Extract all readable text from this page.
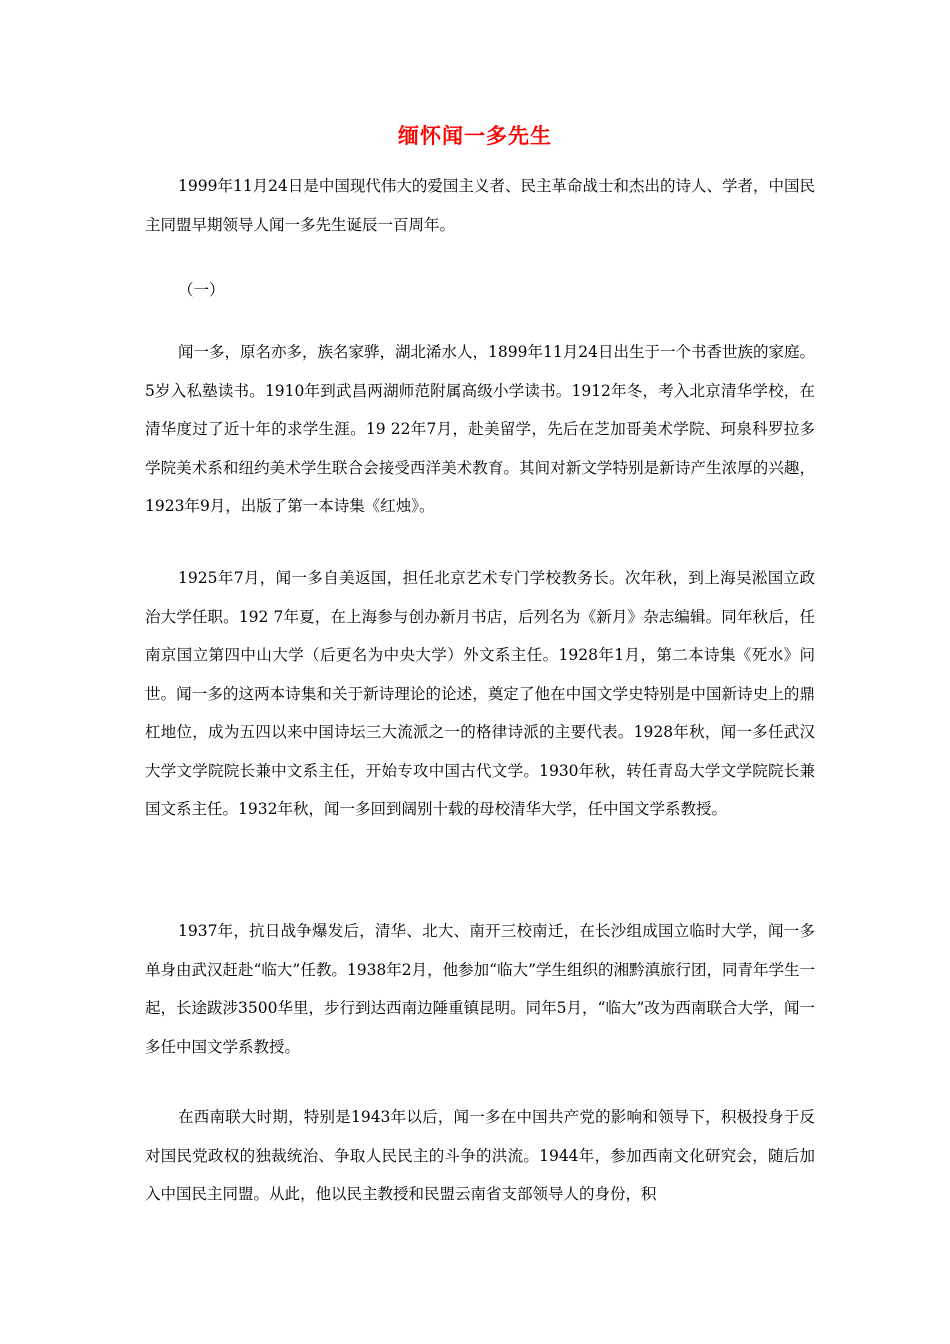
缅怀闻一多先生

1999年11月24日是中国现代伟大的爱国主义者、民主革命战士和杰出的诗人、学者，中国民主同盟早期领导人闻一多先生诞辰一百周年。

（一）

闻一多，原名亦多，族名家骅，湖北浠水人，1899年11月24日出生于一个书香世族的家庭。5岁入私塾读书。1910年到武昌两湖师范附属高级小学读书。1912年冬，考入北京清华学校，在清华度过了近十年的求学生涯。19 22年7月，赴美留学，先后在芝加哥美术学院、珂泉科罗拉多学院美术系和纽约美术学生联合会接受西洋美术教育。其间对新文学特别是新诗产生浓厚的兴趣，1923年9月，出版了第一本诗集《红烛》。

1925年7月，闻一多自美返国，担任北京艺术专门学校教务长。次年秋，到上海吴淞国立政治大学任职。192 7年夏，在上海参与创办新月书店，后列名为《新月》杂志编辑。同年秋后，任南京国立第四中山大学（后更名为中央大学）外文系主任。1928年1月，第二本诗集《死水》问世。闻一多的这两本诗集和关于新诗理论的论述，奠定了他在中国文学史特别是中国新诗史上的鼎杠地位，成为五四以来中国诗坛三大流派之一的格律诗派的主要代表。1928年秋，闻一多任武汉大学文学院院长兼中文系主任，开始专攻中国古代文学。1930年秋，转任青岛大学文学院院长兼国文系主任。1932年秋，闻一多回到阔别十载的母校清华大学，任中国文学系教授。

1937年，抗日战争爆发后，清华、北大、南开三校南迁，在长沙组成国立临时大学，闻一多单身由武汉赶赴“临大”任教。1938年2月，他参加“临大”学生组织的湘黔滇旅行团，同青年学生一起，长途跋涉3500华里，步行到达西南边陲重镇昆明。同年5月，“临大”改为西南联合大学，闻一多任中国文学系教授。

在西南联大时期，特别是1943年以后，闻一多在中国共产党的影响和领导下，积极投身于反对国民党政权的独裁统治、争取人民民主的斗争的洪流。1944年，参加西南文化研究会，随后加入中国民主同盟。从此，他以民主教授和民盟云南省支部领导人的身份，积
